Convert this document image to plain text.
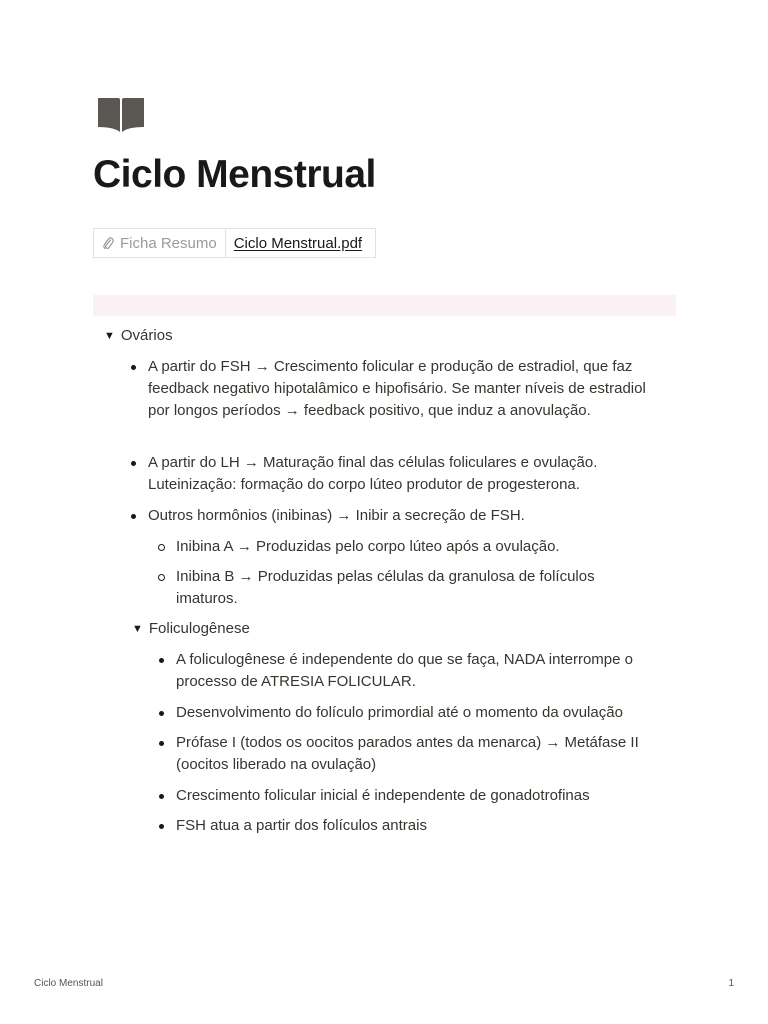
Ciclo Menstrual
Ficha Resumo Ciclo Menstrual.pdf
▼ Ovários
A partir do FSH → Crescimento folicular e produção de estradiol, que faz feedback negativo hipotalâmico e hipofisário. Se manter níveis de estradiol por longos períodos → feedback positivo, que induz a anovulação.
A partir do LH → Maturação final das células foliculares e ovulação. Luteinização: formação do corpo lúteo produtor de progesterona.
Outros hormônios (inibinas) → Inibir a secreção de FSH.
Inibina A → Produzidas pelo corpo lúteo após a ovulação.
Inibina B → Produzidas pelas células da granulosa de folículos imaturos.
▼ Foliculogênese
A foliculogênese é independente do que se faça, NADA interrompe o processo de ATRESIA FOLICULAR.
Desenvolvimento do folículo primordial até o momento da ovulação
Prófase I (todos os oocitos parados antes da menarca) → Metáfase II (oocitos liberado na ovulação)
Crescimento folicular inicial é independente de gonadotrofinas
FSH atua a partir dos folículos antrais
Ciclo Menstrual	1
